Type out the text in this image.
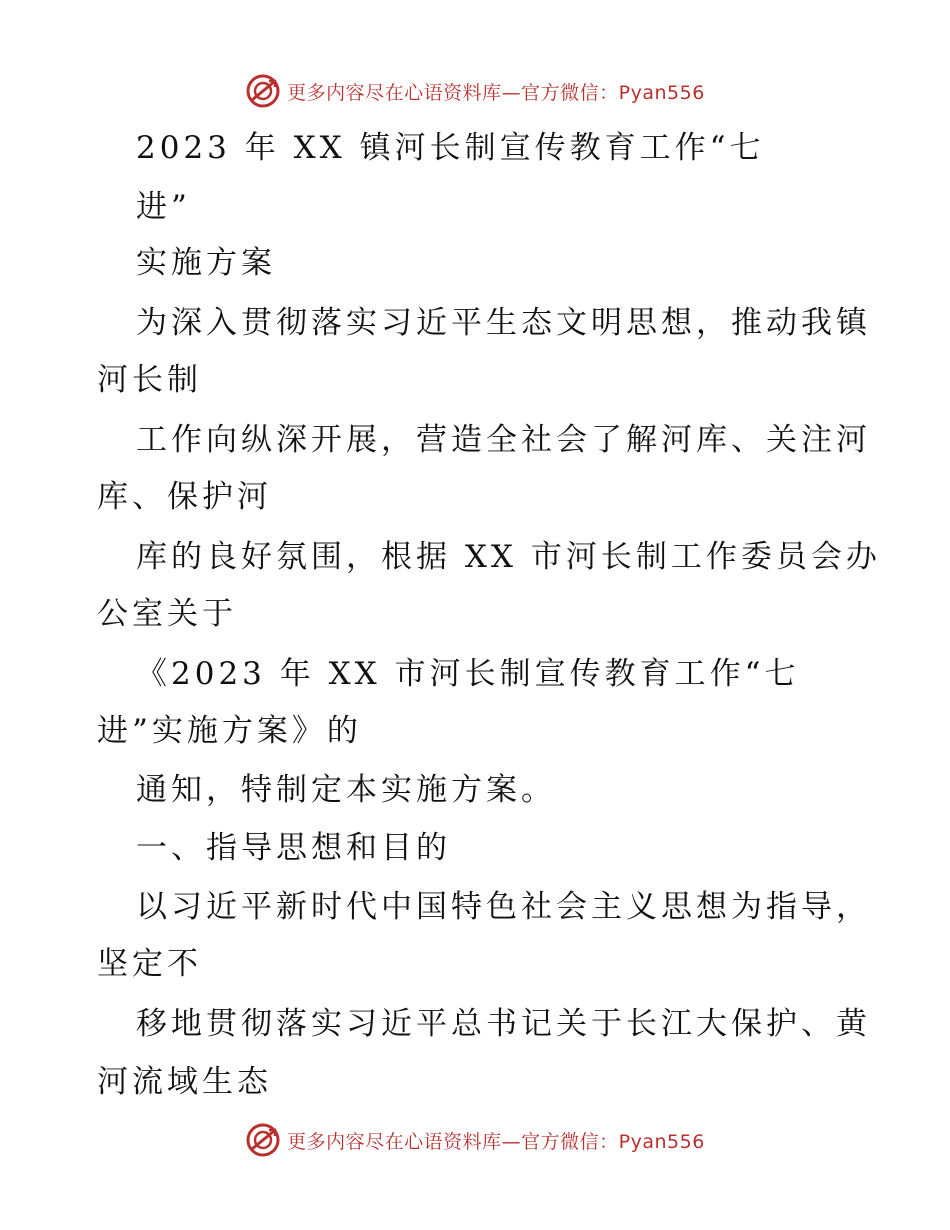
更多内容尽在心语资料库—官方微信：Pyan556
2023 年 XX 镇河长制宣传教育工作“七
进”
实施方案
为深入贯彻落实习近平生态文明思想，推动我镇
河长制
工作向纵深开展，营造全社会了解河库、关注河
库、保护河
库的良好氛围，根据 XX 市河长制工作委员会办
公室关于
《2023 年 XX 市河长制宣传教育工作“七
进”实施方案》的
通知，特制定本实施方案。
一、指导思想和目的
以习近平新时代中国特色社会主义思想为指导，
坚定不
移地贯彻落实习近平总书记关于长江大保护、黄
河流域生态
更多内容尽在心语资料库—官方微信：Pyan556
